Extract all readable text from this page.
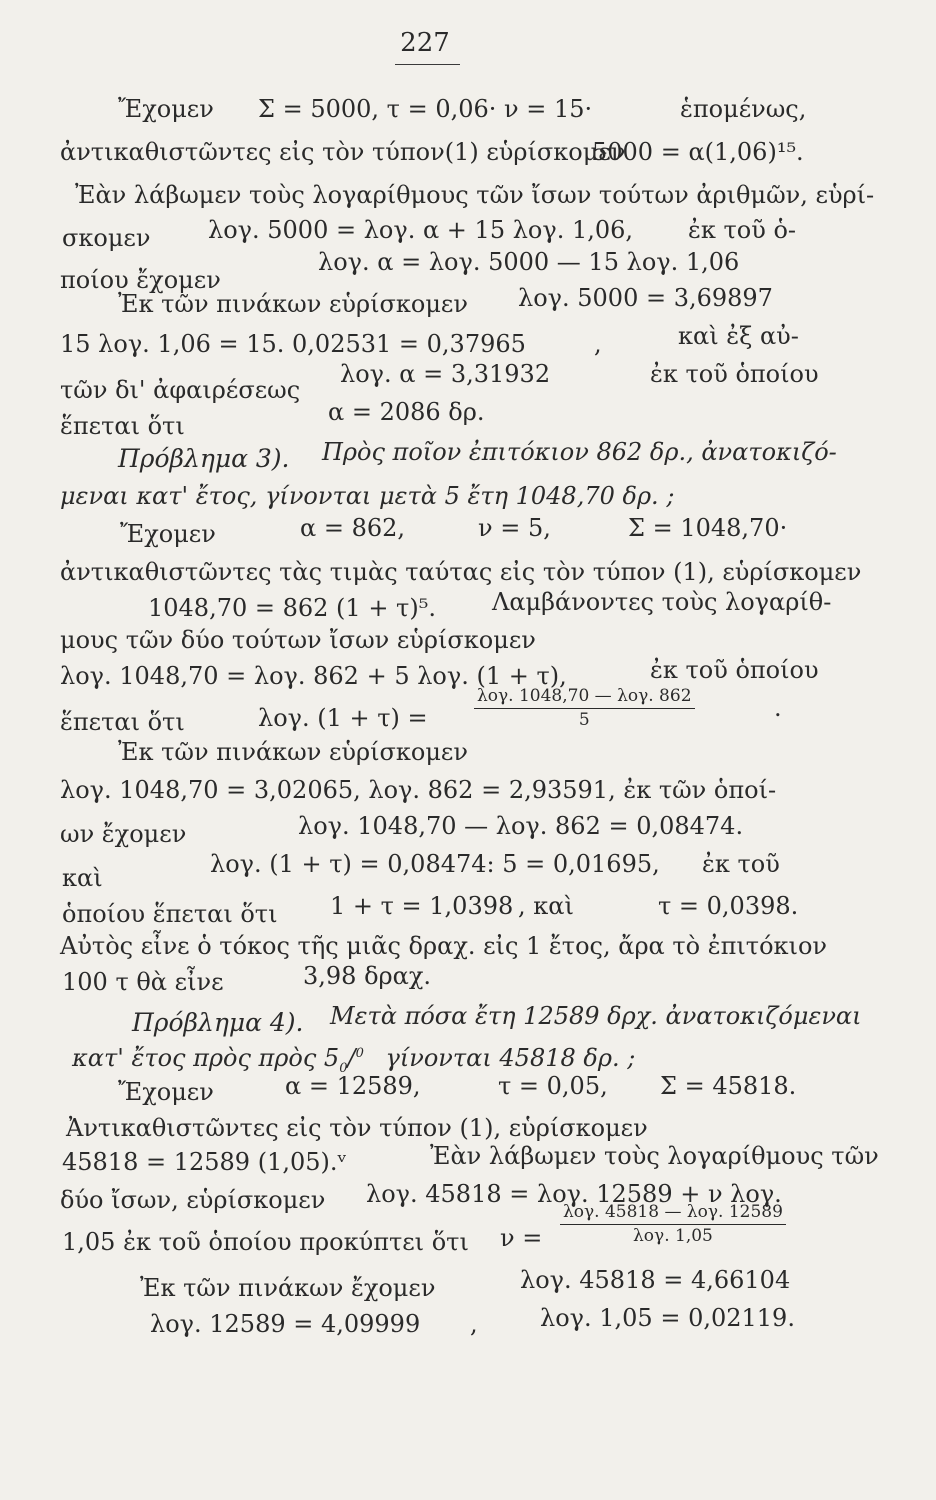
227
Ἔχομεν Σ = 5000, τ = 0,06· ν = 15·	ἑπομένως,
ἀντικαθιστῶντες εἰς τὸν τύπον(1) εὑρίσκομεν
5000 = α(1,06)¹⁵.
Ἐὰν λάβωμεν τοὺς λογαρίθμους τῶν ἴσων τούτων ἀριθμῶν, εὑρί-
σκομεν λογ. 5000 = λογ. α + 15 λογ. 1,06, ἐκ τοῦ ὁ-
ποίου ἔχομεν
λογ. α = λογ. 5000 — 15 λογ. 1,06
Ἐκ τῶν πινάκων εὑρίσκομεν λογ. 5000 = 3,69897
15 λογ. 1,06 = 15. 0,02531 = 0,37965	,	καὶ ἐξ αὐ-
τῶν δι' ἀφαιρέσεως
λογ. α = 3,31932	ἐκ τοῦ ὁποίου
ἕπεται ὅτι	α = 2086 δρ.
Πρόβλημα 3). Πρὸς ποῖον ἐπιτόκιον 862 δρ., ἀνατοκιζό-
μεναι κατ' ἔτος, γίνονται μετὰ 5 ἔτη 1048,70 δρ. ;
Ἔχομεν	α = 862,	ν = 5,	Σ = 1048,70·
ἀντικαθιστῶντες τὰς τιμὰς ταύτας εἰς τὸν τύπον (1), εὑρίσκομεν
1048,70 = 862 (1 + τ)⁵. Λαμβάνοντες τοὺς λογαρίθ-
μους τῶν δύο τούτων ἴσων εὑρίσκομεν
λογ. 1048,70 = λογ. 862 + 5 λογ. (1 + τ),	ἐκ τοῦ ὁποίου
ἕπεται ὅτι	λογ. (1 + τ) =
λογ. 1048,70 — λογ. 862
5	.
Ἐκ τῶν πινάκων εὑρίσκομεν
λογ. 1048,70 = 3,02065, λογ. 862 = 2,93591, ἐκ τῶν ὁποί-
ων ἔχομεν	λογ. 1048,70 — λογ. 862 = 0,08474.
καὶ	λογ. (1 + τ) = 0,08474: 5 = 0,01695, ἐκ τοῦ
ὁποίου ἕπεται ὅτι 1 + τ = 1,0398 , καὶ	τ = 0,0398.
Αὐτὸς εἶνε ὁ τόκος τῆς μιᾶς δραχ. εἰς 1 ἔτος, ἄρα τὸ ἐπιτόκιον
100 τ θὰ εἶνε	3,98 δραχ.
Πρόβλημα 4). Μετὰ πόσα ἔτη 12589 δρχ. ἀνατοκιζόμεναι
κατ' ἔτος πρὸς πρὸς $5_0/^0$ γίνονται 45818 δρ. ;
Ἔχομεν	α = 12589,	τ = 0,05, Σ = 45818.
Ἀντικαθιστῶντες εἰς τὸν τύπον (1), εὑρίσκομεν
45818 = 12589 (1,05).ᵛ	Ἐὰν λάβωμεν τοὺς λογαρίθμους τῶν
δύο ἴσων, εὑρίσκομεν λογ. 45818 = λογ. 12589 + ν λογ.
1,05 ἐκ τοῦ ὁποίου προκύπτει ὅτι ν =
λογ. 45818 — λογ. 12589
λογ. 1,05
Ἐκ τῶν πινάκων ἔχομεν	λογ. 45818 = 4,66104
λογ. 12589 = 4,09999 ,	λογ. 1,05 = 0,02119.
